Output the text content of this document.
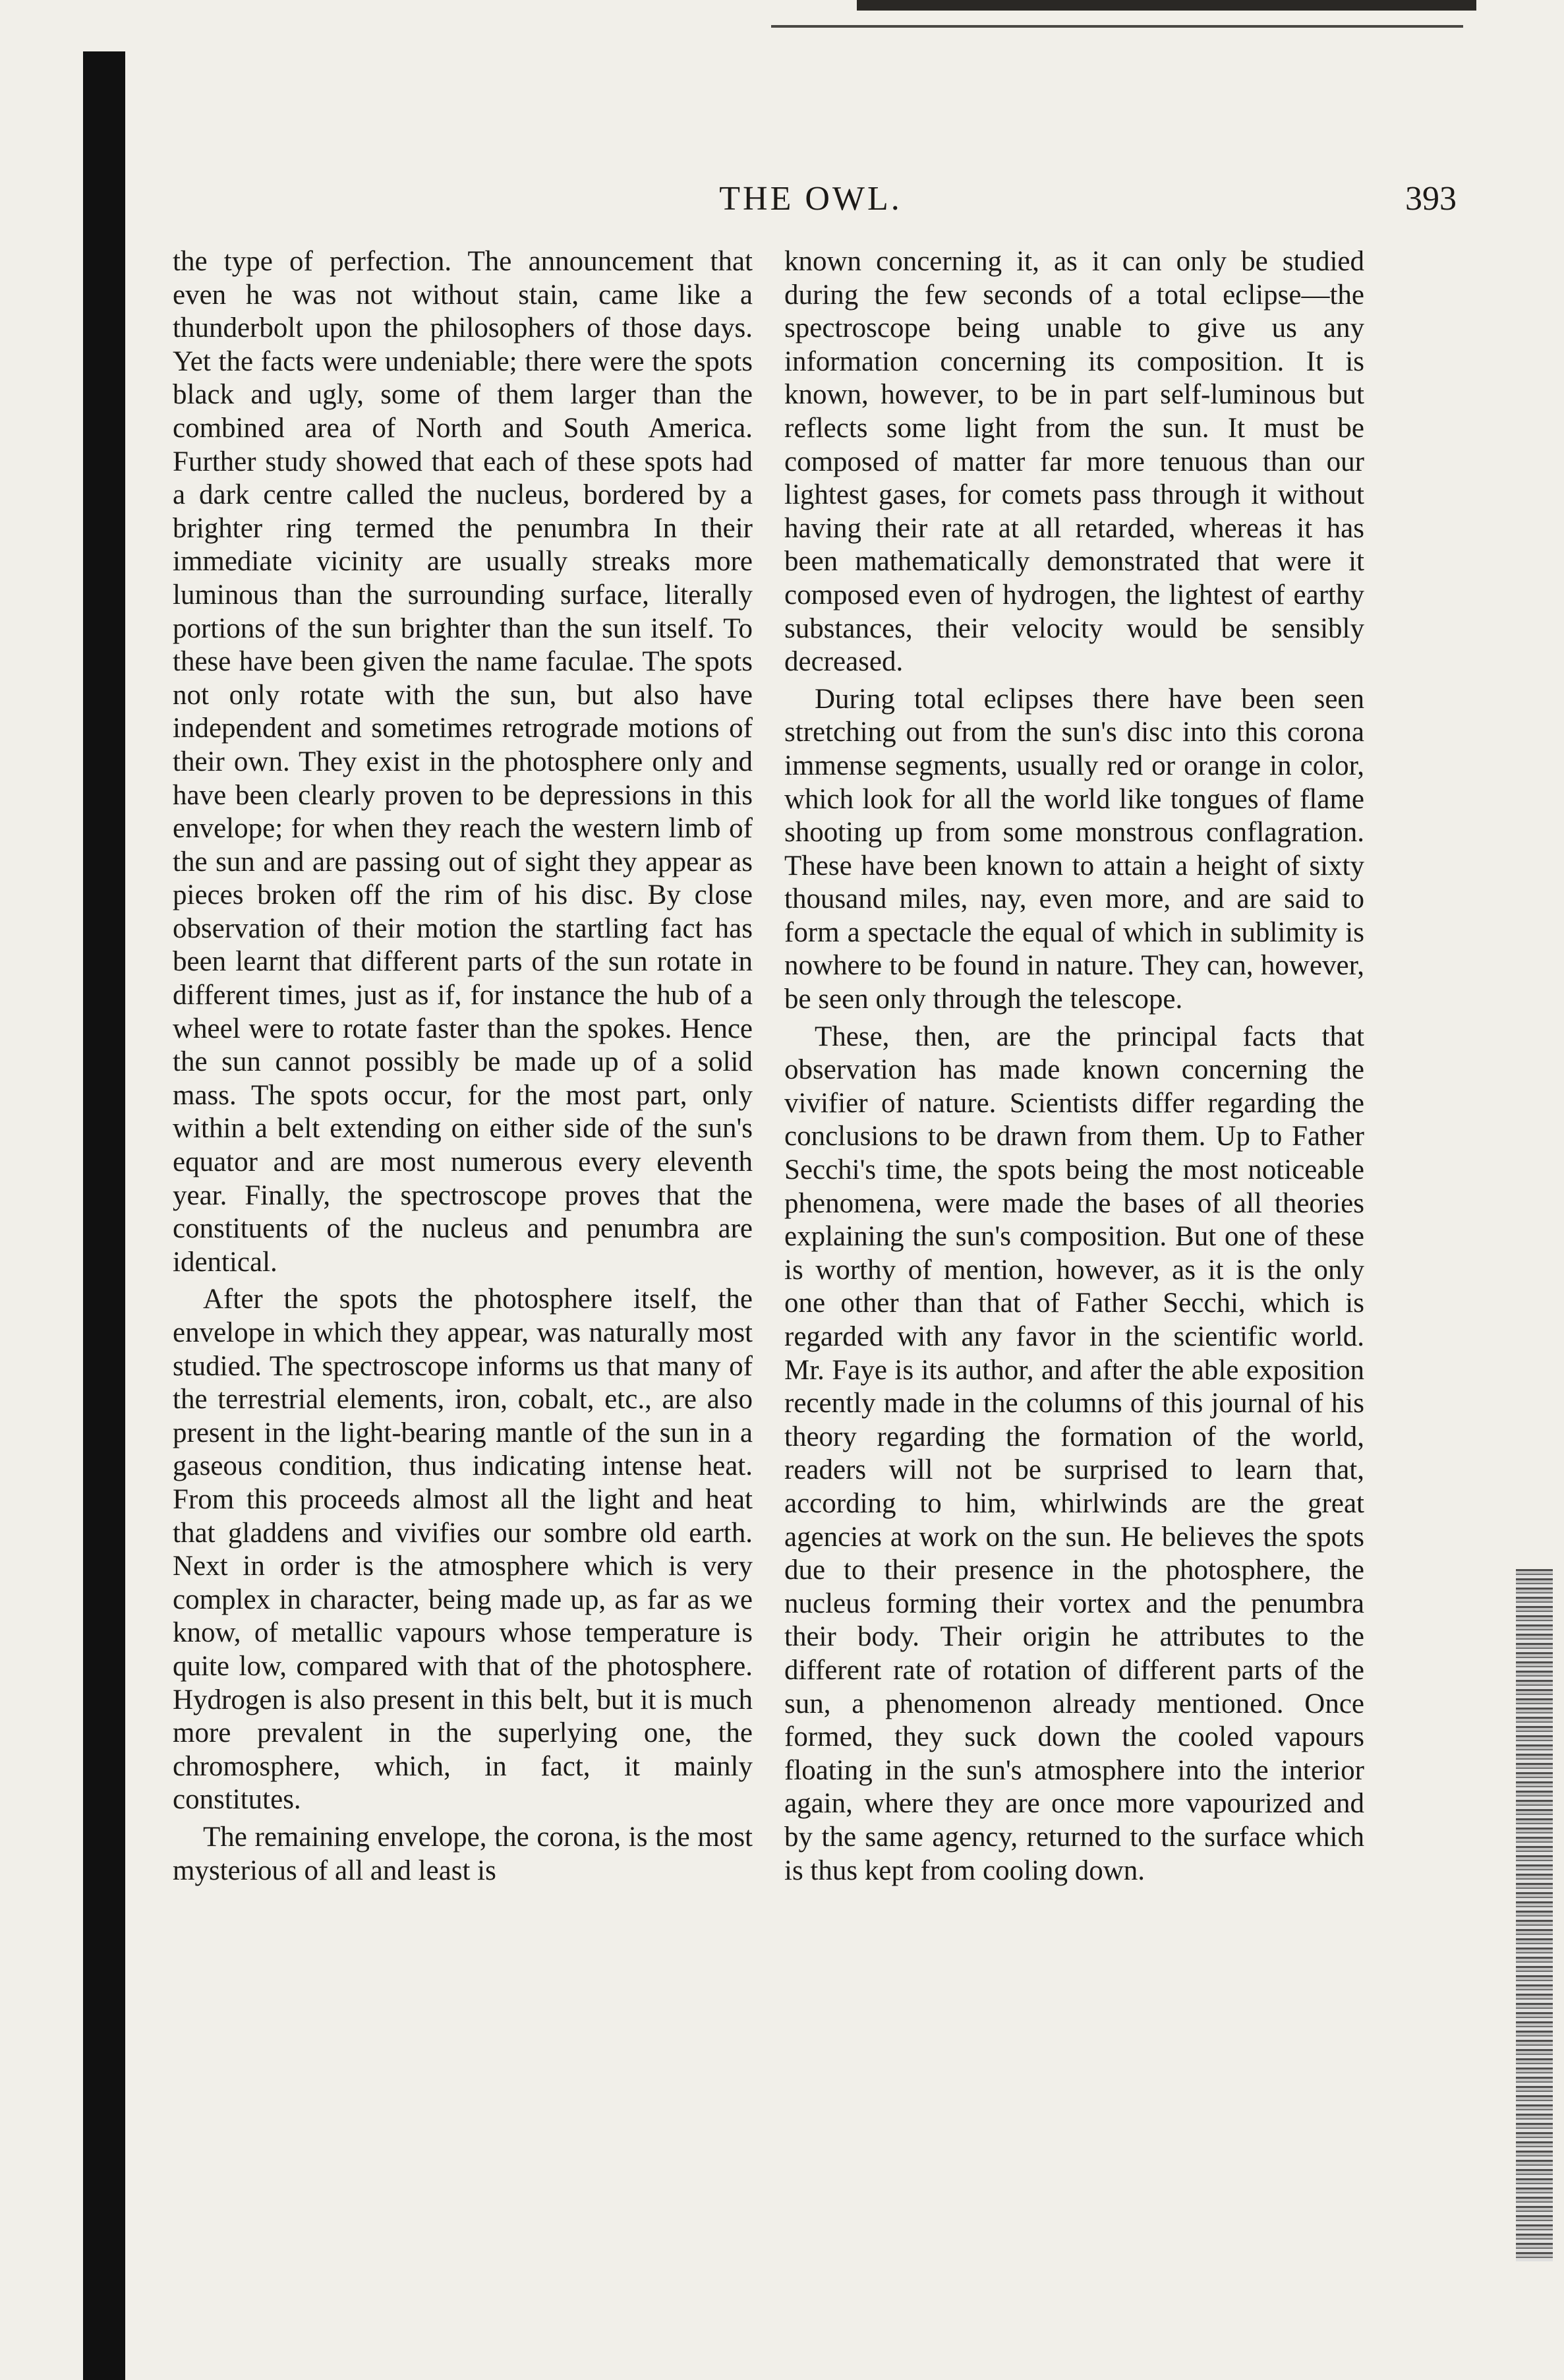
THE OWL.	393

the type of perfection. The announcement that even he was not without stain, came like a thunderbolt upon the philosophers of those days. Yet the facts were undeniable; there were the spots black and ugly, some of them larger than the combined area of North and South America. Further study showed that each of these spots had a dark centre called the nucleus, bordered by a brighter ring termed the penumbra In their immediate vicinity are usually streaks more luminous than the surrounding surface, literally portions of the sun brighter than the sun itself. To these have been given the name faculae. The spots not only rotate with the sun, but also have independent and sometimes retrograde motions of their own. They exist in the photosphere only and have been clearly proven to be depressions in this envelope; for when they reach the western limb of the sun and are passing out of sight they appear as pieces broken off the rim of his disc. By close observation of their motion the startling fact has been learnt that different parts of the sun rotate in different times, just as if, for instance the hub of a wheel were to rotate faster than the spokes. Hence the sun cannot possibly be made up of a solid mass. The spots occur, for the most part, only within a belt extending on either side of the sun's equator and are most numerous every eleventh year. Finally, the spectroscope proves that the constituents of the nucleus and penumbra are identical.

After the spots the photosphere itself, the envelope in which they appear, was naturally most studied. The spectroscope informs us that many of the terrestrial elements, iron, cobalt, etc., are also present in the light-bearing mantle of the sun in a gaseous condition, thus indicating intense heat. From this proceeds almost all the light and heat that gladdens and vivifies our sombre old earth. Next in order is the atmosphere which is very complex in character, being made up, as far as we know, of metallic vapours whose temperature is quite low, compared with that of the photosphere. Hydrogen is also present in this belt, but it is much more prevalent in the superlying one, the chromosphere, which, in fact, it mainly constitutes.

The remaining envelope, the corona, is the most mysterious of all and least is

known concerning it, as it can only be studied during the few seconds of a total eclipse—the spectroscope being unable to give us any information concerning its composition. It is known, however, to be in part self-luminous but reflects some light from the sun. It must be composed of matter far more tenuous than our lightest gases, for comets pass through it without having their rate at all retarded, whereas it has been mathematically demonstrated that were it composed even of hydrogen, the lightest of earthy substances, their velocity would be sensibly decreased.

During total eclipses there have been seen stretching out from the sun's disc into this corona immense segments, usually red or orange in color, which look for all the world like tongues of flame shooting up from some monstrous conflagration. These have been known to attain a height of sixty thousand miles, nay, even more, and are said to form a spectacle the equal of which in sublimity is nowhere to be found in nature. They can, however, be seen only through the telescope.

These, then, are the principal facts that observation has made known concerning the vivifier of nature. Scientists differ regarding the conclusions to be drawn from them. Up to Father Secchi's time, the spots being the most noticeable phenomena, were made the bases of all theories explaining the sun's composition. But one of these is worthy of mention, however, as it is the only one other than that of Father Secchi, which is regarded with any favor in the scientific world. Mr. Faye is its author, and after the able exposition recently made in the columns of this journal of his theory regarding the formation of the world, readers will not be surprised to learn that, according to him, whirlwinds are the great agencies at work on the sun. He believes the spots due to their presence in the photosphere, the nucleus forming their vortex and the penumbra their body. Their origin he attributes to the different rate of rotation of different parts of the sun, a phenomenon already mentioned. Once formed, they suck down the cooled vapours floating in the sun's atmosphere into the interior again, where they are once more vapourized and by the same agency, returned to the surface which is thus kept from cooling down.
